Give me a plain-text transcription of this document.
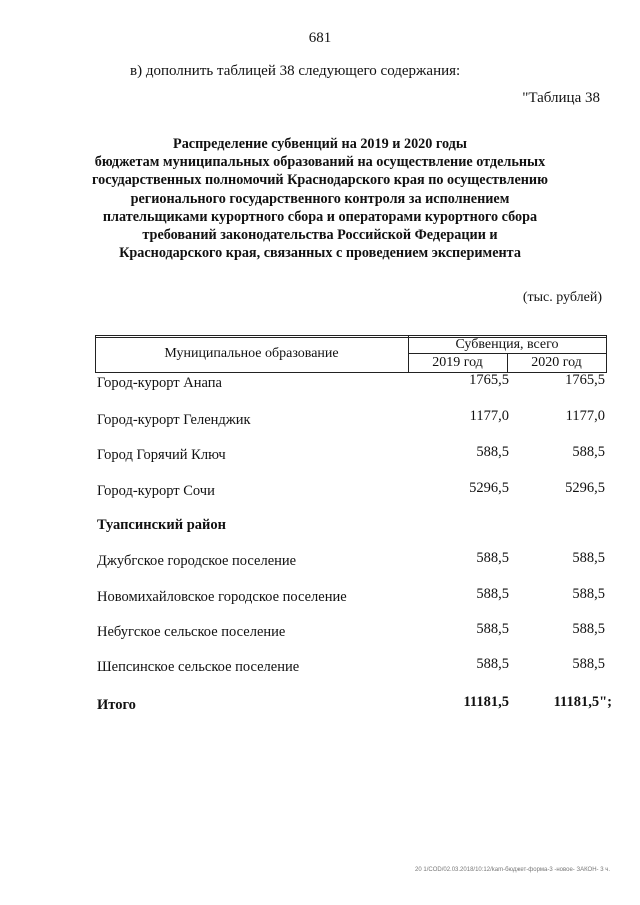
681
в) дополнить таблицей 38 следующего содержания:
"Таблица 38
Распределение субвенций на 2019 и 2020 годы
бюджетам муниципальных образований на осуществление отдельных
государственных полномочий Краснодарского края по осуществлению
регионального государственного контроля за исполнением
плательщиками курортного сбора и операторами курортного сбора
требований законодательства Российской Федерации и
Краснодарского края, связанных с проведением эксперимента
(тыс. рублей)
Муниципальное образование
Субвенция, всего
2019 год	2020 год
Город-курорт Анапа	1765,5	1765,5
Город-курорт Геленджик	1177,0	1177,0
Город Горячий Ключ	588,5	588,5
Город-курорт Сочи	5296,5	5296,5
Туапсинский район
Джубгское городское поселение	588,5	588,5
Новомихайловское городское поселение	588,5	588,5
Небугское сельское поселение	588,5	588,5
Шепсинское сельское поселение	588,5	588,5
Итого	11181,5	11181,5";
20 1/COD/02.03.2018/10:12/kam-бюджет-форма-3 -новое- ЗАКОН- 3 ч.
